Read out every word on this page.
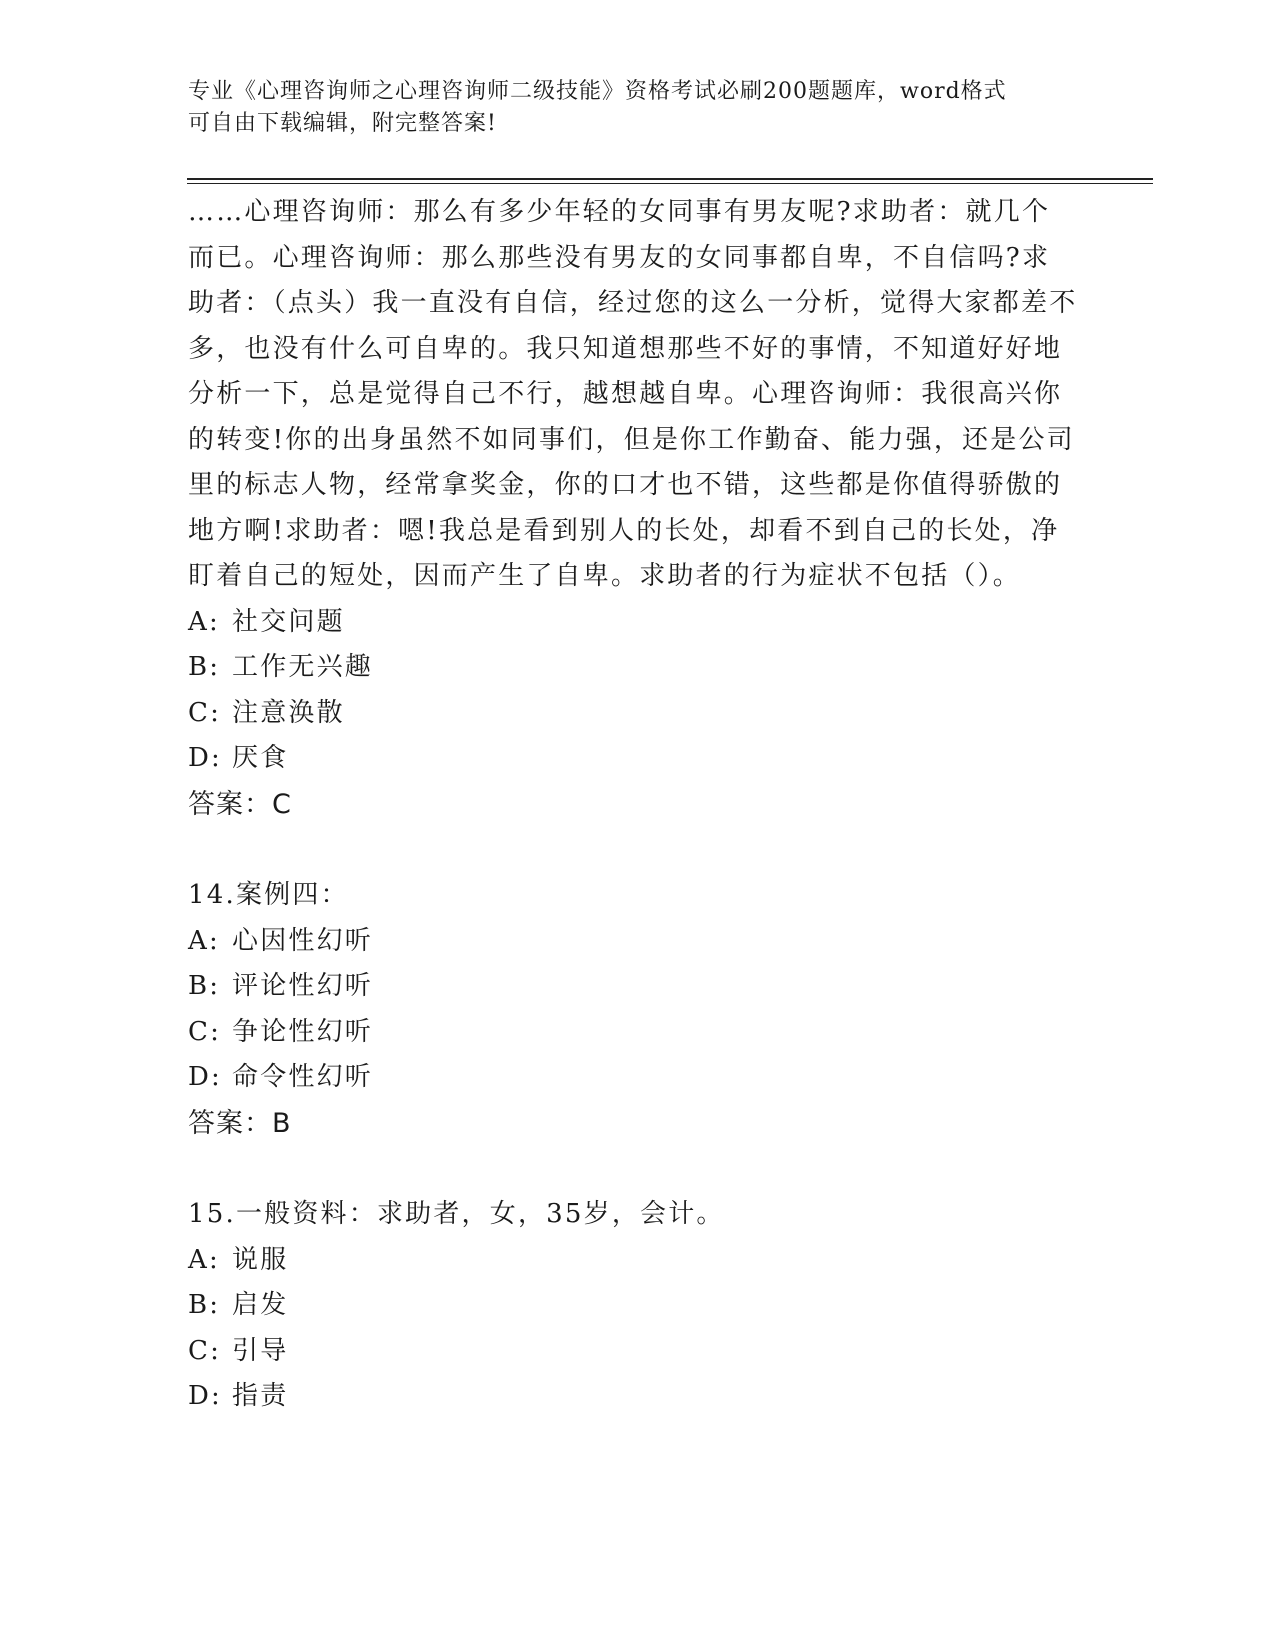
专业《心理咨询师之心理咨询师二级技能》资格考试必刷200题题库，word格式
可自由下载编辑，附完整答案!

……心理咨询师：那么有多少年轻的女同事有男友呢?求助者：就几个而已。心理咨询师：那么那些没有男友的女同事都自卑，不自信吗?求助者：（点头）我一直没有自信，经过您的这么一分析，觉得大家都差不多，也没有什么可自卑的。我只知道想那些不好的事情，不知道好好地分析一下，总是觉得自己不行，越想越自卑。心理咨询师：我很高兴你的转变!你的出身虽然不如同事们，但是你工作勤奋、能力强，还是公司里的标志人物，经常拿奖金，你的口才也不错，这些都是你值得骄傲的地方啊!求助者：嗯!我总是看到别人的长处，却看不到自己的长处，净盯着自己的短处，因而产生了自卑。求助者的行为症状不包括（）。

A: 社交问题
B: 工作无兴趣
C: 注意涣散
D: 厌食
答案：C
14.案例四：
A: 心因性幻听
B: 评论性幻听
C: 争论性幻听
D: 命令性幻听
答案：B
15.一般资料：求助者，女，35岁，会计。
A: 说服
B: 启发
C: 引导
D: 指责
